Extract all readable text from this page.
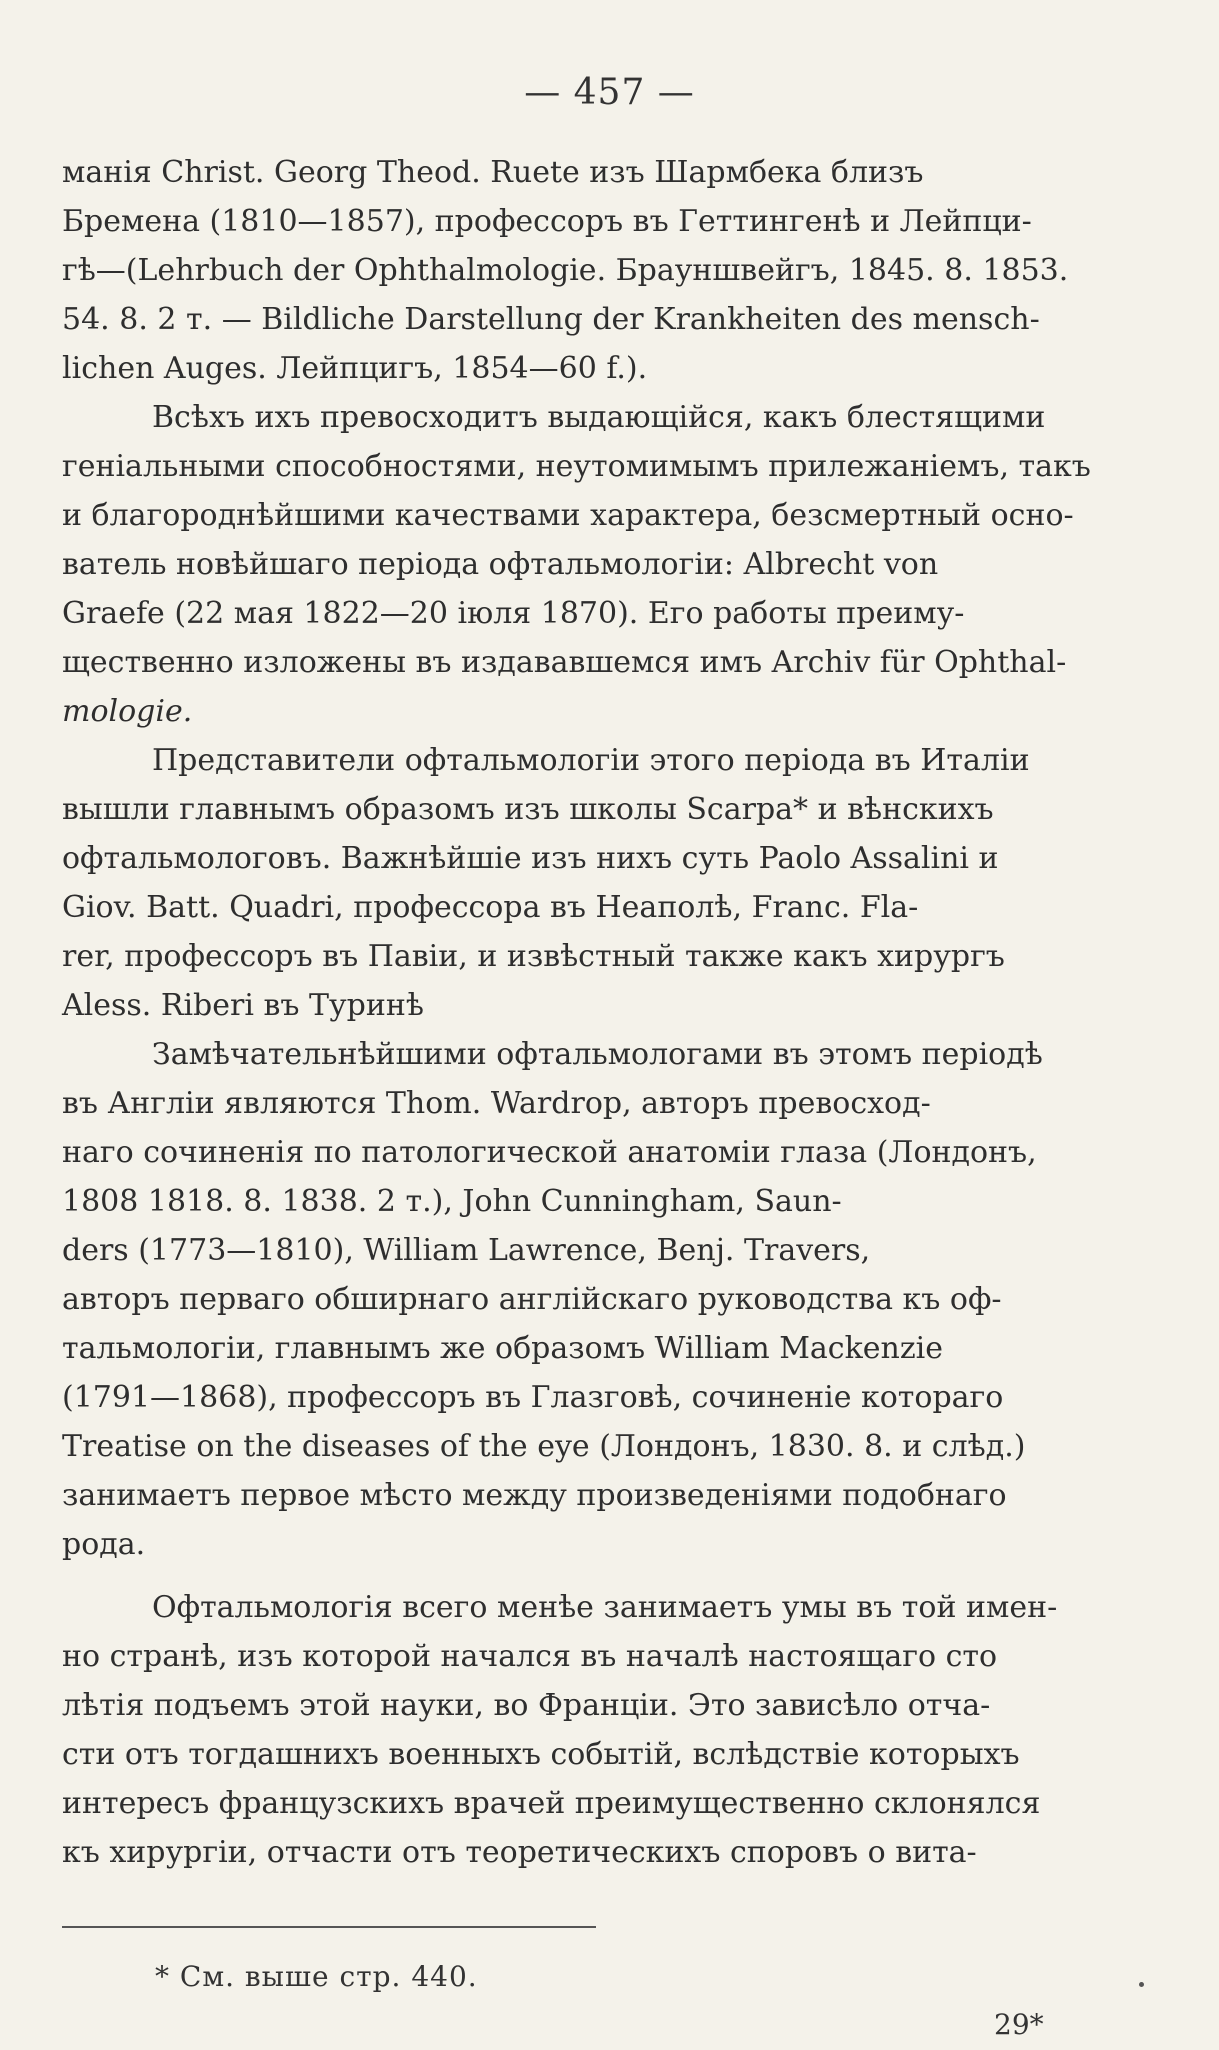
— 457 —

манія Christ. Georg Theod. Ruete изъ Шармбека близъ
Бремена (1810—1857), профессоръ въ Геттингенѣ и Лейпци-
гѣ—(Lehrbuch der Ophthalmologie. Брауншвейгъ, 1845. 8. 1853.
54. 8. 2 т. — Bildliche Darstellung der Krankheiten des mensch-
lichen Auges. Лейпцигъ, 1854—60 f.).

Всѣхъ ихъ превосходитъ выдающійся, какъ блестящими
геніальными способностями, неутомимымъ прилежаніемъ, такъ
и благороднѣйшими качествами характера, безсмертный осно-
ватель новѣйшаго періода офтальмологіи: Albrecht von
Graefe (22 мая 1822—20 іюля 1870). Его работы преиму-
щественно изложены въ издававшемся имъ Archiv für Ophthal-
mologie.

Представители офтальмологіи этого періода въ Италіи
вышли главнымъ образомъ изъ школы Scarpa* и вѣнскихъ
офтальмологовъ. Важнѣйшіе изъ нихъ суть Paolo Assalini и
Giov. Batt. Quadri, профессора въ Неаполѣ, Franc. Fla-
rer, профессоръ въ Павіи, и извѣстный также какъ хирургъ
Aless. Riberi въ Туринѣ

Замѣчательнѣйшими офтальмологами въ этомъ періодѣ
въ Англіи являются Thom. Wardrop, авторъ превосход-
наго сочиненія по патологической анатоміи глаза (Лондонъ,
1808 1818. 8. 1838. 2 т.), John Cunningham, Saun-
ders (1773—1810), William Lawrence, Benj. Travers,
авторъ перваго обширнаго англійскаго руководства къ оф-
тальмологіи, главнымъ же образомъ William Mackenzie
(1791—1868), профессоръ въ Глазговѣ, сочиненіе котораго
Treatise on the diseases of the eye (Лондонъ, 1830. 8. и слѣд.)
занимаетъ первое мѣсто между произведеніями подобнаго
рода.

Офтальмологія всего менѣе занимаетъ умы въ той имен-
но странѣ, изъ которой начался въ началѣ настоящаго сто
лѣтія подъемъ этой науки, во Франціи. Это зависѣло отча-
сти отъ тогдашнихъ военныхъ событій, вслѣдствіе которыхъ
интересъ французскихъ врачей преимущественно склонялся
къ хирургіи, отчасти отъ теоретическихъ споровъ о вита-

* См. выше стр. 440.
29*
